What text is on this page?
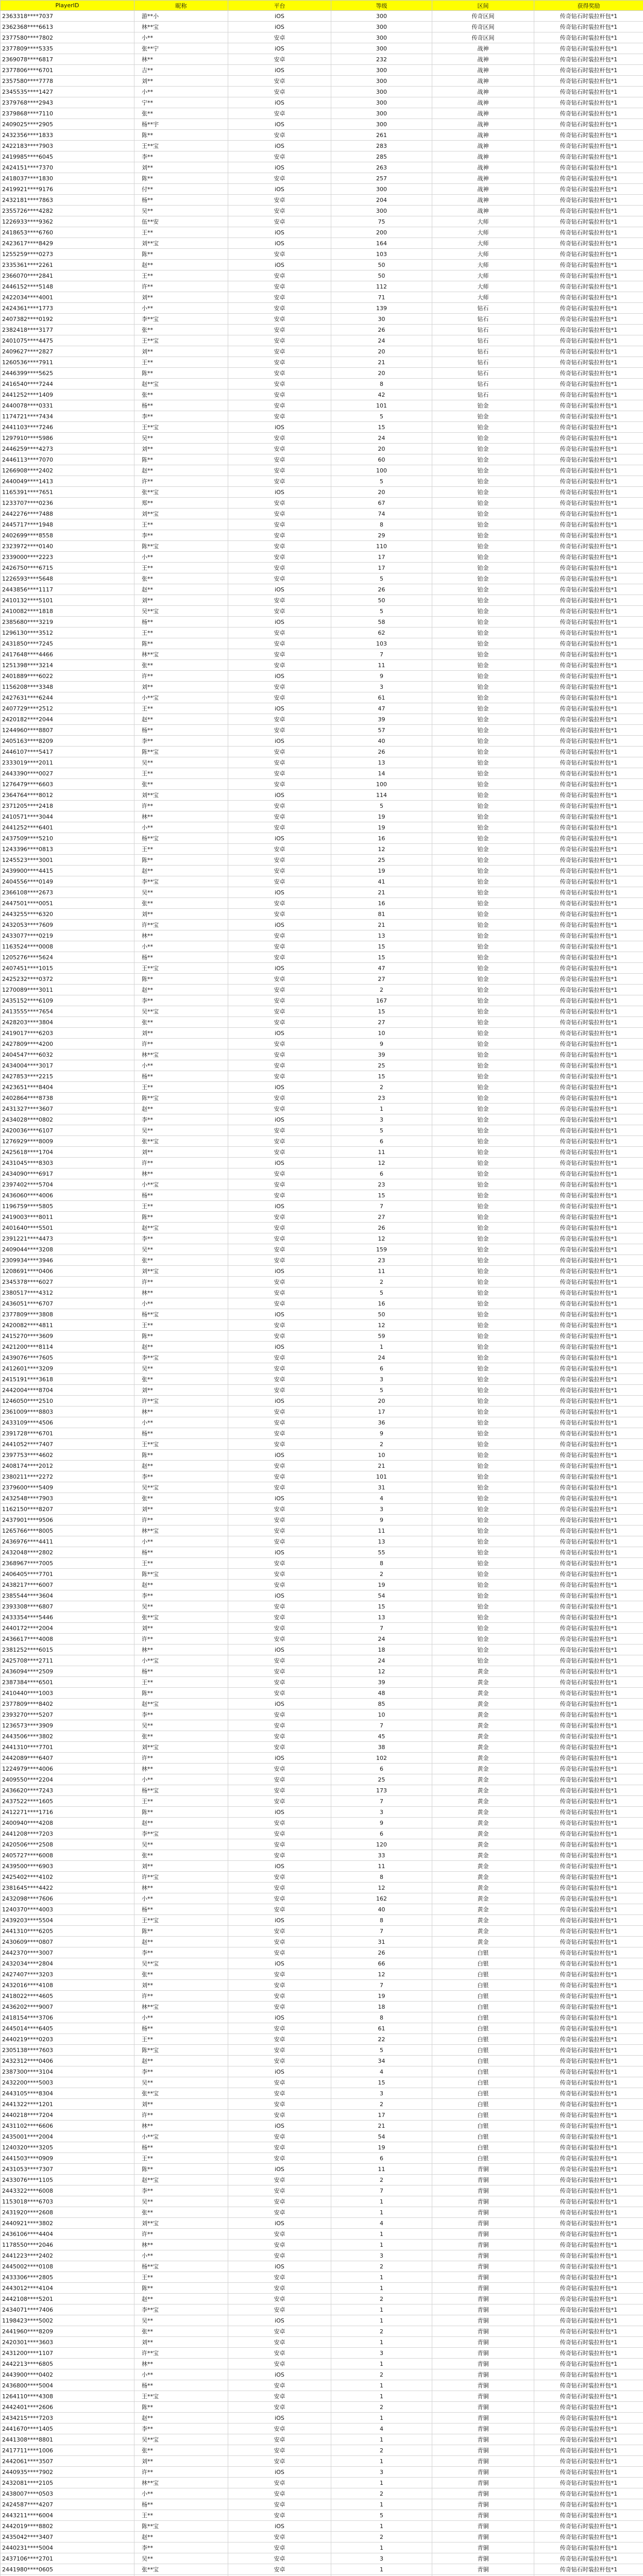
PlayerID	昵称	平台	等级	区间	获得奖励
2363318****7037	游**小	iOS	300	传奇区间	传奇钻石时装拉杆包*1
2362368****6613	林**宝	iOS	300	传奇区间	传奇钻石时装拉杆包*1
2377580****7802	小**	安卓	300	传奇区间	传奇钻石时装拉杆包*1
2377809****5335	张**宁	iOS	300	战神	传奇钻石时装拉杆包*1
2369078****6817	林**	安卓	232	战神	传奇钻石时装拉杆包*1
2377806****6701	吉**	iOS	300	战神	传奇钻石时装拉杆包*1
2357580****7778	刘**	安卓	300	战神	传奇钻石时装拉杆包*1
2345535****1427	小**	安卓	300	战神	传奇钻石时装拉杆包*1
2379768****2943	宁**	iOS	300	战神	传奇钻石时装拉杆包*1
2379868****7110	张**	安卓	300	战神	传奇钻石时装拉杆包*1
2409025****2905	杨**宇	iOS	300	战神	传奇钻石时装拉杆包*1
2432356****1833	陈**	安卓	261	战神	传奇钻石时装拉杆包*1
2422183****7903	王**宝	iOS	283	战神	传奇钻石时装拉杆包*1
2419985****6045	李**	安卓	285	战神	传奇钻石时装拉杆包*1
2424151****7370	刘**	iOS	263	战神	传奇钻石时装拉杆包*1
2418037****1830	陈**	安卓	257	战神	传奇钻石时装拉杆包*1
2419921****9176	付**	iOS	300	战神	传奇钻石时装拉杆包*1
2432181****7863	杨**	安卓	204	战神	传奇钻石时装拉杆包*1
2355726****4282	吴**	安卓	300	战神	传奇钻石时装拉杆包*1
1226933****9362	伍**安	安卓	75	大师	传奇钻石时装拉杆包*1
2418653****6760	王**	iOS	200	大师	传奇钻石时装拉杆包*1
2423617****8429	刘**宝	iOS	164	大师	传奇钻石时装拉杆包*1
1255259****0273	陈**	安卓	103	大师	传奇钻石时装拉杆包*1
2335361****2261	赵**	iOS	50	大师	传奇钻石时装拉杆包*1
2366070****2841	王**	安卓	50	大师	传奇钻石时装拉杆包*1
2446152****5148	许**	安卓	112	大师	传奇钻石时装拉杆包*1
2422034****4001	刘**	安卓	71	大师	传奇钻石时装拉杆包*1
2424361****1773	小**	安卓	139	钻石	传奇钻石时装拉杆包*1
2407382****0192	李**宝	安卓	30	钻石	传奇钻石时装拉杆包*1
2382418****3177	张**	安卓	26	钻石	传奇钻石时装拉杆包*1
2401075****4475	王**宝	安卓	24	钻石	传奇钻石时装拉杆包*1
2409627****2827	刘**	安卓	20	钻石	传奇钻石时装拉杆包*1
1260536****7911	王**	安卓	21	钻石	传奇钻石时装拉杆包*1
2446399****5625	陈**	安卓	20	钻石	传奇钻石时装拉杆包*1
2416540****7244	赵**宝	安卓	8	钻石	传奇钻石时装拉杆包*1
2441252****1409	张**	安卓	42	钻石	传奇钻石时装拉杆包*1
2440078****0331	杨**	安卓	101	铂金	传奇钻石时装拉杆包*1
1174721****7434	李**	安卓	5	铂金	传奇钻石时装拉杆包*1
2441103****7246	王**宝	iOS	15	铂金	传奇钻石时装拉杆包*1
1297910****5986	吴**	安卓	24	铂金	传奇钻石时装拉杆包*1
2446259****4273	刘**	安卓	20	铂金	传奇钻石时装拉杆包*1
2446113****7070	陈**	安卓	60	铂金	传奇钻石时装拉杆包*1
1266908****2402	赵**	安卓	100	铂金	传奇钻石时装拉杆包*1
2440049****1413	许**	安卓	5	铂金	传奇钻石时装拉杆包*1
1165391****7651	张**宝	iOS	20	铂金	传奇钻石时装拉杆包*1
1233707****0236	郑**	安卓	67	铂金	传奇钻石时装拉杆包*1
2442276****7488	刘**宝	安卓	74	铂金	传奇钻石时装拉杆包*1
2445717****1948	王**	安卓	8	铂金	传奇钻石时装拉杆包*1
2402699****8558	李**	安卓	29	铂金	传奇钻石时装拉杆包*1
2323972****0140	陈**宝	安卓	110	铂金	传奇钻石时装拉杆包*1
2339000****2223	小**	安卓	17	铂金	传奇钻石时装拉杆包*1
2426750****6715	王**	安卓	17	铂金	传奇钻石时装拉杆包*1
1226593****5648	张**	安卓	5	铂金	传奇钻石时装拉杆包*1
2443856****1117	赵**	iOS	26	铂金	传奇钻石时装拉杆包*1
2410132****5101	刘**	安卓	50	铂金	传奇钻石时装拉杆包*1
2410082****1818	吴**宝	安卓	5	铂金	传奇钻石时装拉杆包*1
2385680****3219	杨**	iOS	58	铂金	传奇钻石时装拉杆包*1
1296130****3512	王**	安卓	62	铂金	传奇钻石时装拉杆包*1
2431850****7245	陈**	安卓	103	铂金	传奇钻石时装拉杆包*1
2417648****4466	林**宝	安卓	7	铂金	传奇钻石时装拉杆包*1
1251398****3214	张**	安卓	11	铂金	传奇钻石时装拉杆包*1
2401889****6022	许**	iOS	9	铂金	传奇钻石时装拉杆包*1
1156208****3348	刘**	安卓	3	铂金	传奇钻石时装拉杆包*1
2427631****6244	小**宝	安卓	61	铂金	传奇钻石时装拉杆包*1
2407729****2512	王**	iOS	47	铂金	传奇钻石时装拉杆包*1
2420182****2044	赵**	安卓	39	铂金	传奇钻石时装拉杆包*1
1244960****8807	杨**	安卓	57	铂金	传奇钻石时装拉杆包*1
2405163****8209	李**	iOS	40	铂金	传奇钻石时装拉杆包*1
2446107****5417	陈**宝	安卓	26	铂金	传奇钻石时装拉杆包*1
2333019****2011	吴**	安卓	13	铂金	传奇钻石时装拉杆包*1
2443390****0027	王**	安卓	14	铂金	传奇钻石时装拉杆包*1
1276479****6603	张**	安卓	100	铂金	传奇钻石时装拉杆包*1
2364764****8012	刘**宝	iOS	114	铂金	传奇钻石时装拉杆包*1
2371205****2418	许**	安卓	5	铂金	传奇钻石时装拉杆包*1
2410571****3044	林**	安卓	19	铂金	传奇钻石时装拉杆包*1
2441252****6401	小**	安卓	19	铂金	传奇钻石时装拉杆包*1
2437509****5210	杨**宝	iOS	16	铂金	传奇钻石时装拉杆包*1
1243396****0813	王**	安卓	12	铂金	传奇钻石时装拉杆包*1
1245523****3001	陈**	安卓	25	铂金	传奇钻石时装拉杆包*1
2439900****4415	赵**	安卓	19	铂金	传奇钻石时装拉杆包*1
2404556****0149	李**宝	安卓	41	铂金	传奇钻石时装拉杆包*1
2366108****2673	吴**	iOS	21	铂金	传奇钻石时装拉杆包*1
2447501****0051	张**	安卓	16	铂金	传奇钻石时装拉杆包*1
2443255****6320	刘**	安卓	81	铂金	传奇钻石时装拉杆包*1
2432053****7609	许**宝	iOS	21	铂金	传奇钻石时装拉杆包*1
2433077****0219	林**	安卓	13	铂金	传奇钻石时装拉杆包*1
1163524****0008	小**	安卓	15	铂金	传奇钻石时装拉杆包*1
1205276****5624	杨**	安卓	15	铂金	传奇钻石时装拉杆包*1
2407451****1015	王**宝	iOS	47	铂金	传奇钻石时装拉杆包*1
2425232****0372	陈**	安卓	27	铂金	传奇钻石时装拉杆包*1
1270089****3011	赵**	安卓	2	铂金	传奇钻石时装拉杆包*1
2435152****6109	李**	安卓	167	铂金	传奇钻石时装拉杆包*1
2413555****7654	吴**宝	安卓	15	铂金	传奇钻石时装拉杆包*1
2428203****3804	张**	安卓	27	铂金	传奇钻石时装拉杆包*1
2419017****6203	刘**	iOS	10	铂金	传奇钻石时装拉杆包*1
2427809****4200	许**	安卓	9	铂金	传奇钻石时装拉杆包*1
2404547****6032	林**宝	安卓	39	铂金	传奇钻石时装拉杆包*1
2434004****3017	小**	安卓	25	铂金	传奇钻石时装拉杆包*1
2427853****2215	杨**	安卓	15	铂金	传奇钻石时装拉杆包*1
2423651****8404	王**	iOS	2	铂金	传奇钻石时装拉杆包*1
2402864****8738	陈**宝	安卓	23	铂金	传奇钻石时装拉杆包*1
2431327****3607	赵**	安卓	1	铂金	传奇钻石时装拉杆包*1
2434028****0802	李**	iOS	3	铂金	传奇钻石时装拉杆包*1
2420036****6107	吴**	安卓	5	铂金	传奇钻石时装拉杆包*1
1276929****8009	张**宝	安卓	6	铂金	传奇钻石时装拉杆包*1
2425618****1704	刘**	安卓	11	铂金	传奇钻石时装拉杆包*1
2431045****8303	许**	iOS	12	铂金	传奇钻石时装拉杆包*1
2434090****6917	林**	安卓	6	铂金	传奇钻石时装拉杆包*1
2397402****5704	小**宝	安卓	23	铂金	传奇钻石时装拉杆包*1
2436060****4006	杨**	安卓	15	铂金	传奇钻石时装拉杆包*1
1196759****5805	王**	iOS	7	铂金	传奇钻石时装拉杆包*1
2419003****8011	陈**	安卓	27	铂金	传奇钻石时装拉杆包*1
2401640****5501	赵**宝	安卓	26	铂金	传奇钻石时装拉杆包*1
2391221****4473	李**	安卓	12	铂金	传奇钻石时装拉杆包*1
2409044****3208	吴**	安卓	159	铂金	传奇钻石时装拉杆包*1
2309934****3946	张**	安卓	23	铂金	传奇钻石时装拉杆包*1
1208691****0406	刘**宝	iOS	11	铂金	传奇钻石时装拉杆包*1
2345378****6027	许**	安卓	2	铂金	传奇钻石时装拉杆包*1
2380517****4312	林**	安卓	5	铂金	传奇钻石时装拉杆包*1
2436051****6707	小**	安卓	16	铂金	传奇钻石时装拉杆包*1
2377809****3808	杨**宝	iOS	50	铂金	传奇钻石时装拉杆包*1
2420082****4811	王**	安卓	12	铂金	传奇钻石时装拉杆包*1
2415270****3609	陈**	安卓	59	铂金	传奇钻石时装拉杆包*1
2421200****8114	赵**	iOS	1	铂金	传奇钻石时装拉杆包*1
2439076****7605	李**宝	安卓	24	铂金	传奇钻石时装拉杆包*1
2412601****3209	吴**	安卓	6	铂金	传奇钻石时装拉杆包*1
2415191****3618	张**	安卓	3	铂金	传奇钻石时装拉杆包*1
2442004****8704	刘**	安卓	5	铂金	传奇钻石时装拉杆包*1
1246050****2510	许**宝	iOS	20	铂金	传奇钻石时装拉杆包*1
2361009****8803	林**	安卓	17	铂金	传奇钻石时装拉杆包*1
2433109****4506	小**	安卓	36	铂金	传奇钻石时装拉杆包*1
2391728****6701	杨**	安卓	9	铂金	传奇钻石时装拉杆包*1
2441052****7407	王**宝	安卓	2	铂金	传奇钻石时装拉杆包*1
2397753****4602	陈**	iOS	10	铂金	传奇钻石时装拉杆包*1
2408174****2012	赵**	安卓	21	铂金	传奇钻石时装拉杆包*1
2380211****2272	李**	安卓	101	铂金	传奇钻石时装拉杆包*1
2379600****5409	吴**宝	安卓	31	铂金	传奇钻石时装拉杆包*1
2432548****7903	张**	iOS	4	铂金	传奇钻石时装拉杆包*1
1162150****8207	刘**	安卓	3	铂金	传奇钻石时装拉杆包*1
2437901****9506	许**	安卓	9	铂金	传奇钻石时装拉杆包*1
1265766****8005	林**宝	安卓	11	铂金	传奇钻石时装拉杆包*1
2436976****4411	小**	安卓	13	铂金	传奇钻石时装拉杆包*1
2432048****2802	杨**	iOS	55	铂金	传奇钻石时装拉杆包*1
2368967****7005	王**	安卓	8	铂金	传奇钻石时装拉杆包*1
2406405****7701	陈**宝	安卓	2	铂金	传奇钻石时装拉杆包*1
2438217****6007	赵**	安卓	19	铂金	传奇钻石时装拉杆包*1
2385544****3604	李**	iOS	54	铂金	传奇钻石时装拉杆包*1
2393308****6807	吴**	安卓	15	铂金	传奇钻石时装拉杆包*1
2433354****5446	张**宝	安卓	13	铂金	传奇钻石时装拉杆包*1
2440172****2004	刘**	安卓	7	铂金	传奇钻石时装拉杆包*1
2436617****4008	许**	安卓	24	铂金	传奇钻石时装拉杆包*1
2381252****6015	林**	iOS	18	铂金	传奇钻石时装拉杆包*1
2425708****2711	小**宝	安卓	24	铂金	传奇钻石时装拉杆包*1
2436094****2509	杨**	安卓	12	黄金	传奇钻石时装拉杆包*1
2387384****6501	王**	安卓	39	黄金	传奇钻石时装拉杆包*1
2410440****1003	陈**	安卓	48	黄金	传奇钻石时装拉杆包*1
2377809****8402	赵**宝	iOS	85	黄金	传奇钻石时装拉杆包*1
2393270****5207	李**	安卓	10	黄金	传奇钻石时装拉杆包*1
1236573****3909	吴**	安卓	7	黄金	传奇钻石时装拉杆包*1
2443506****3802	张**	安卓	45	黄金	传奇钻石时装拉杆包*1
2441310****7701	刘**宝	安卓	38	黄金	传奇钻石时装拉杆包*1
2442089****6407	许**	iOS	102	黄金	传奇钻石时装拉杆包*1
1224979****4006	林**	安卓	6	黄金	传奇钻石时装拉杆包*1
2409550****2204	小**	安卓	25	黄金	传奇钻石时装拉杆包*1
2436620****7243	杨**宝	安卓	173	黄金	传奇钻石时装拉杆包*1
2437522****1605	王**	安卓	7	黄金	传奇钻石时装拉杆包*1
2412271****1716	陈**	iOS	3	黄金	传奇钻石时装拉杆包*1
2400940****4208	赵**	安卓	9	黄金	传奇钻石时装拉杆包*1
2441208****7203	李**宝	安卓	6	黄金	传奇钻石时装拉杆包*1
2420506****2508	吴**	安卓	120	黄金	传奇钻石时装拉杆包*1
2405727****6008	张**	安卓	33	黄金	传奇钻石时装拉杆包*1
2439500****6903	刘**	iOS	11	黄金	传奇钻石时装拉杆包*1
2425402****4102	许**宝	安卓	8	黄金	传奇钻石时装拉杆包*1
2381645****4422	林**	安卓	12	黄金	传奇钻石时装拉杆包*1
2432098****7606	小**	安卓	162	黄金	传奇钻石时装拉杆包*1
1240370****4003	杨**	安卓	40	黄金	传奇钻石时装拉杆包*1
2439203****5504	王**宝	iOS	8	黄金	传奇钻石时装拉杆包*1
2441310****6205	陈**	安卓	7	黄金	传奇钻石时装拉杆包*1
2430609****0807	赵**	安卓	31	黄金	传奇钻石时装拉杆包*1
2442370****3007	李**	安卓	26	白银	传奇钻石时装拉杆包*1
2432034****2804	吴**宝	iOS	66	白银	传奇钻石时装拉杆包*1
2427407****3203	张**	安卓	12	白银	传奇钻石时装拉杆包*1
2432016****4108	刘**	安卓	7	白银	传奇钻石时装拉杆包*1
2418022****4605	许**	安卓	19	白银	传奇钻石时装拉杆包*1
2436202****9007	林**宝	安卓	18	白银	传奇钻石时装拉杆包*1
2418154****3706	小**	iOS	8	白银	传奇钻石时装拉杆包*1
2445014****6405	杨**	安卓	61	白银	传奇钻石时装拉杆包*1
2440219****0203	王**	安卓	22	白银	传奇钻石时装拉杆包*1
2305138****7603	陈**宝	安卓	5	白银	传奇钻石时装拉杆包*1
2432312****0406	赵**	安卓	34	白银	传奇钻石时装拉杆包*1
2387300****3104	李**	iOS	4	白银	传奇钻石时装拉杆包*1
2432200****5003	吴**	安卓	15	白银	传奇钻石时装拉杆包*1
2443105****8304	张**宝	安卓	3	白银	传奇钻石时装拉杆包*1
2441322****1201	刘**	安卓	2	白银	传奇钻石时装拉杆包*1
2440218****7204	许**	安卓	17	白银	传奇钻石时装拉杆包*1
2431102****6606	林**	iOS	21	白银	传奇钻石时装拉杆包*1
2435001****2004	小**宝	安卓	54	白银	传奇钻石时装拉杆包*1
1240320****3205	杨**	安卓	19	白银	传奇钻石时装拉杆包*1
2441503****0909	王**	安卓	6	白银	传奇钻石时装拉杆包*1
2431053****7307	陈**	iOS	11	青铜	传奇钻石时装拉杆包*1
2433076****1105	赵**宝	安卓	2	青铜	传奇钻石时装拉杆包*1
2443322****6008	李**	安卓	7	青铜	传奇钻石时装拉杆包*1
1153018****6703	吴**	安卓	1	青铜	传奇钻石时装拉杆包*1
2431920****2608	张**	安卓	1	青铜	传奇钻石时装拉杆包*1
2440921****3802	刘**宝	iOS	4	青铜	传奇钻石时装拉杆包*1
2436106****4404	许**	安卓	1	青铜	传奇钻石时装拉杆包*1
1178550****2046	林**	安卓	1	青铜	传奇钻石时装拉杆包*1
2441223****2402	小**	安卓	3	青铜	传奇钻石时装拉杆包*1
2445002****0108	杨**宝	iOS	2	青铜	传奇钻石时装拉杆包*1
2433306****2805	王**	安卓	1	青铜	传奇钻石时装拉杆包*1
2443012****4104	陈**	安卓	1	青铜	传奇钻石时装拉杆包*1
2442108****5201	赵**	安卓	2	青铜	传奇钻石时装拉杆包*1
2434071****7406	李**宝	安卓	1	青铜	传奇钻石时装拉杆包*1
1198423****5002	吴**	iOS	1	青铜	传奇钻石时装拉杆包*1
2441960****8209	张**	安卓	2	青铜	传奇钻石时装拉杆包*1
2420301****3603	刘**	安卓	1	青铜	传奇钻石时装拉杆包*1
2431200****1107	许**宝	安卓	3	青铜	传奇钻石时装拉杆包*1
2442213****6805	林**	安卓	1	青铜	传奇钻石时装拉杆包*1
2443900****0402	小**	iOS	2	青铜	传奇钻石时装拉杆包*1
2436800****5004	杨**	安卓	1	青铜	传奇钻石时装拉杆包*1
1264110****4308	王**宝	安卓	1	青铜	传奇钻石时装拉杆包*1
2442401****2606	陈**	安卓	2	青铜	传奇钻石时装拉杆包*1
2434215****7203	赵**	iOS	1	青铜	传奇钻石时装拉杆包*1
2441670****1405	李**	安卓	4	青铜	传奇钻石时装拉杆包*1
2441308****8801	吴**宝	安卓	1	青铜	传奇钻石时装拉杆包*1
2417711****1006	张**	安卓	2	青铜	传奇钻石时装拉杆包*1
2442061****3507	刘**	安卓	1	青铜	传奇钻石时装拉杆包*1
2440935****7902	许**	iOS	3	青铜	传奇钻石时装拉杆包*1
2432081****2105	林**宝	安卓	1	青铜	传奇钻石时装拉杆包*1
2438007****0503	小**	安卓	2	青铜	传奇钻石时装拉杆包*1
2424587****4207	杨**	安卓	1	青铜	传奇钻石时装拉杆包*1
2443211****6004	王**	安卓	5	青铜	传奇钻石时装拉杆包*1
2442019****8802	陈**宝	iOS	1	青铜	传奇钻石时装拉杆包*1
2435042****3407	赵**	安卓	2	青铜	传奇钻石时装拉杆包*1
2440231****5004	李**	安卓	1	青铜	传奇钻石时装拉杆包*1
2437106****2701	吴**	安卓	3	青铜	传奇钻石时装拉杆包*1
2441980****0605	张**宝	安卓	1	青铜	传奇钻石时装拉杆包*1
